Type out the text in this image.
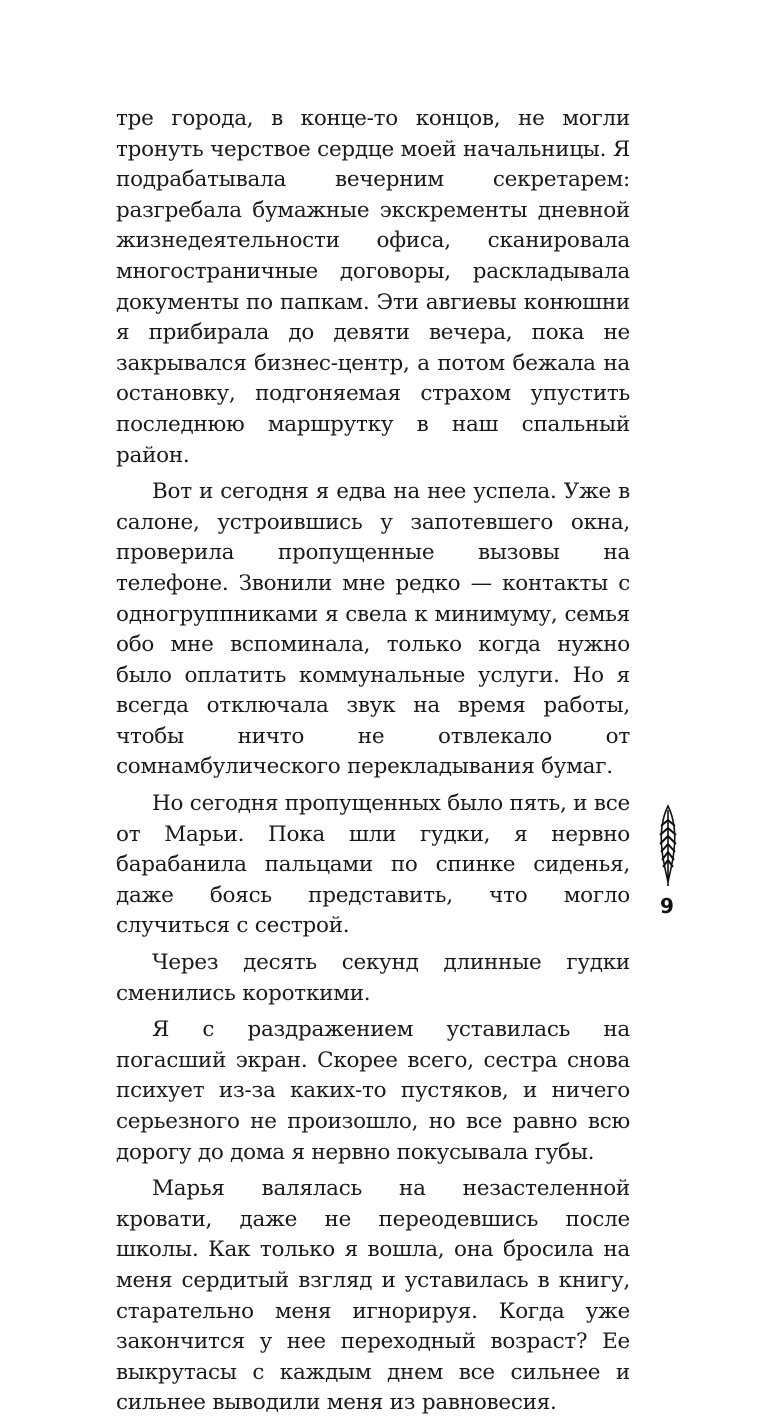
тре города, в конце-то концов, не могли тронуть черствое сердце моей начальницы. Я подрабатывала вечерним секретарем: разгребала бумажные экскременты дневной жизнедеятельности офиса, сканировала многостраничные договоры, раскладывала документы по папкам. Эти авгиевы конюшни я прибирала до девяти вечера, пока не закрывался бизнес-центр, а потом бежала на остановку, подгоняемая страхом упустить последнюю маршрутку в наш спальный район.

Вот и сегодня я едва на нее успела. Уже в салоне, устроившись у запотевшего окна, проверила пропущенные вызовы на телефоне. Звонили мне редко — контакты с одногруппниками я свела к минимуму, семья обо мне вспоминала, только когда нужно было оплатить коммунальные услуги. Но я всегда отключала звук на время работы, чтобы ничто не отвлекало от сомнамбулического перекладывания бумаг.

Но сегодня пропущенных было пять, и все от Марьи. Пока шли гудки, я нервно барабанила пальцами по спинке сиденья, даже боясь представить, что могло случиться с сестрой.

Через десять секунд длинные гудки сменились короткими.

Я с раздражением уставилась на погасший экран. Скорее всего, сестра снова психует из-за каких-то пустяков, и ничего серьезного не произошло, но все равно всю дорогу до дома я нервно покусывала губы.

Марья валялась на незастеленной кровати, даже не переодевшись после школы. Как только я вошла, она бросила на меня сердитый взгляд и уставилась в книгу, старательно меня игнорируя. Когда уже закончится у нее переходный возраст? Ее выкрутасы с каждым днем все сильнее и сильнее выводили меня из равновесия.

9
